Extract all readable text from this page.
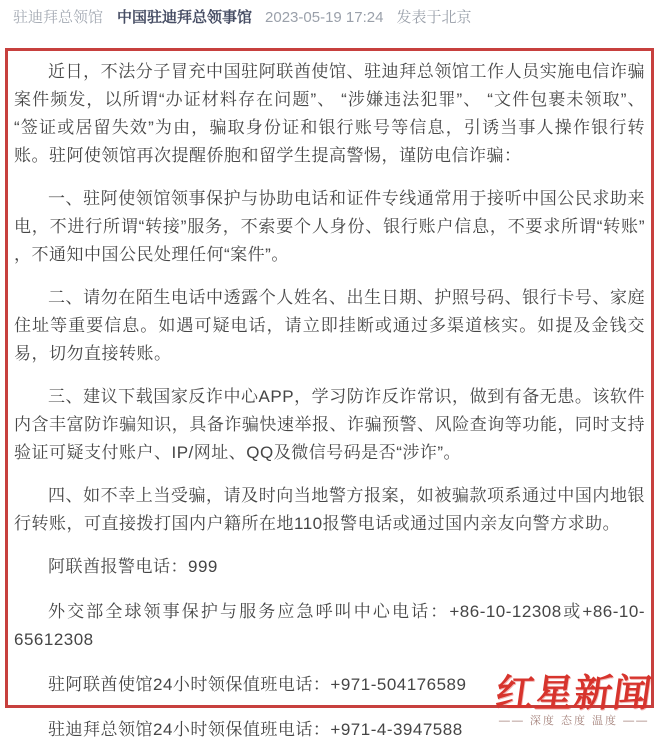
驻迪拜总领馆 中国驻迪拜总领事馆 2023-05-19 17:24 发表于北京

近日，不法分子冒充中国驻阿联酋使馆、驻迪拜总领馆工作人员实施电信诈骗案件频发，以所谓“办证材料存在问题”、 “涉嫌违法犯罪”、 “文件包裹未领取”、 “签证或居留失效”为由，骗取身份证和银行账号等信息，引诱当事人操作银行转账。驻阿使领馆再次提醒侨胞和留学生提高警惕，谨防电信诈骗：

一、驻阿使领馆领事保护与协助电话和证件专线通常用于接听中国公民求助来电，不进行所谓“转接”服务，不索要个人身份、银行账户信息，不要求所谓“转账” ，不通知中国公民处理任何“案件”。

二、请勿在陌生电话中透露个人姓名、出生日期、护照号码、银行卡号、家庭住址等重要信息。如遇可疑电话，请立即挂断或通过多渠道核实。如提及金钱交易，切勿直接转账。

三、建议下载国家反诈中心APP，学习防诈反诈常识，做到有备无患。该软件内含丰富防诈骗知识，具备诈骗快速举报、诈骗预警、风险查询等功能，同时支持验证可疑支付账户、IP/网址、QQ及微信号码是否“涉诈”。

四、如不幸上当受骗，请及时向当地警方报案，如被骗款项系通过中国内地银行转账，可直接拨打国内户籍所在地110报警电话或通过国内亲友向警方求助。

阿联酋报警电话：999

外交部全球领事保护与服务应急呼叫中心电话：+86-10-12308或+86-10-65612308

驻阿联酋使馆24小时领保值班电话：+971-504176589

驻迪拜总领馆24小时领保值班电话：+971-4-3947588

红星新闻
—— 深度 态度 温度 ——
